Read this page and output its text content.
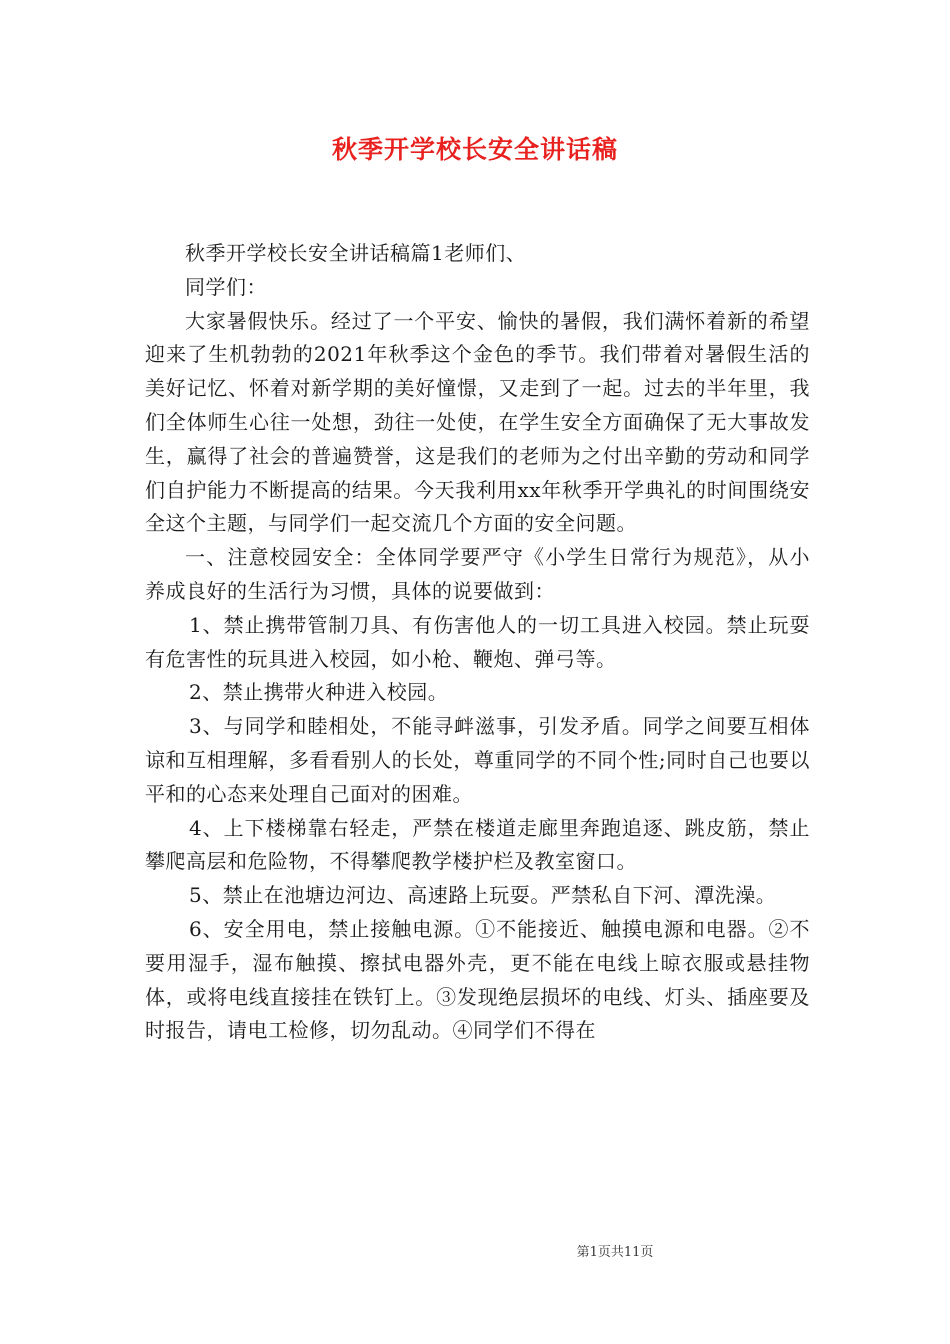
秋季开学校长安全讲话稿

秋季开学校长安全讲话稿篇1老师们、

同学们：

大家暑假快乐。经过了一个平安、愉快的暑假，我们满怀着新的希望迎来了生机勃勃的2021年秋季这个金色的季节。我们带着对暑假生活的美好记忆、怀着对新学期的美好憧憬，又走到了一起。过去的半年里，我们全体师生心往一处想，劲往一处使，在学生安全方面确保了无大事故发生，赢得了社会的普遍赞誉，这是我们的老师为之付出辛勤的劳动和同学们自护能力不断提高的结果。今天我利用xx年秋季开学典礼的时间围绕安全这个主题，与同学们一起交流几个方面的安全问题。

一、注意校园安全：全体同学要严守《小学生日常行为规范》，从小养成良好的生活行为习惯，具体的说要做到：

1、禁止携带管制刀具、有伤害他人的一切工具进入校园。禁止玩耍有危害性的玩具进入校园，如小枪、鞭炮、弹弓等。

2、禁止携带火种进入校园。

3、与同学和睦相处，不能寻衅滋事，引发矛盾。同学之间要互相体谅和互相理解，多看看别人的长处，尊重同学的不同个性;同时自己也要以平和的心态来处理自己面对的困难。

4、上下楼梯靠右轻走，严禁在楼道走廊里奔跑追逐、跳皮筋，禁止攀爬高层和危险物，不得攀爬教学楼护栏及教室窗口。

5、禁止在池塘边河边、高速路上玩耍。严禁私自下河、潭洗澡。

6、安全用电，禁止接触电源。①不能接近、触摸电源和电器。②不要用湿手，湿布触摸、擦拭电器外壳，更不能在电线上晾衣服或悬挂物体，或将电线直接挂在铁钉上。③发现绝层损坏的电线、灯头、插座要及时报告，请电工检修，切勿乱动。④同学们不得在

第1页共11页
